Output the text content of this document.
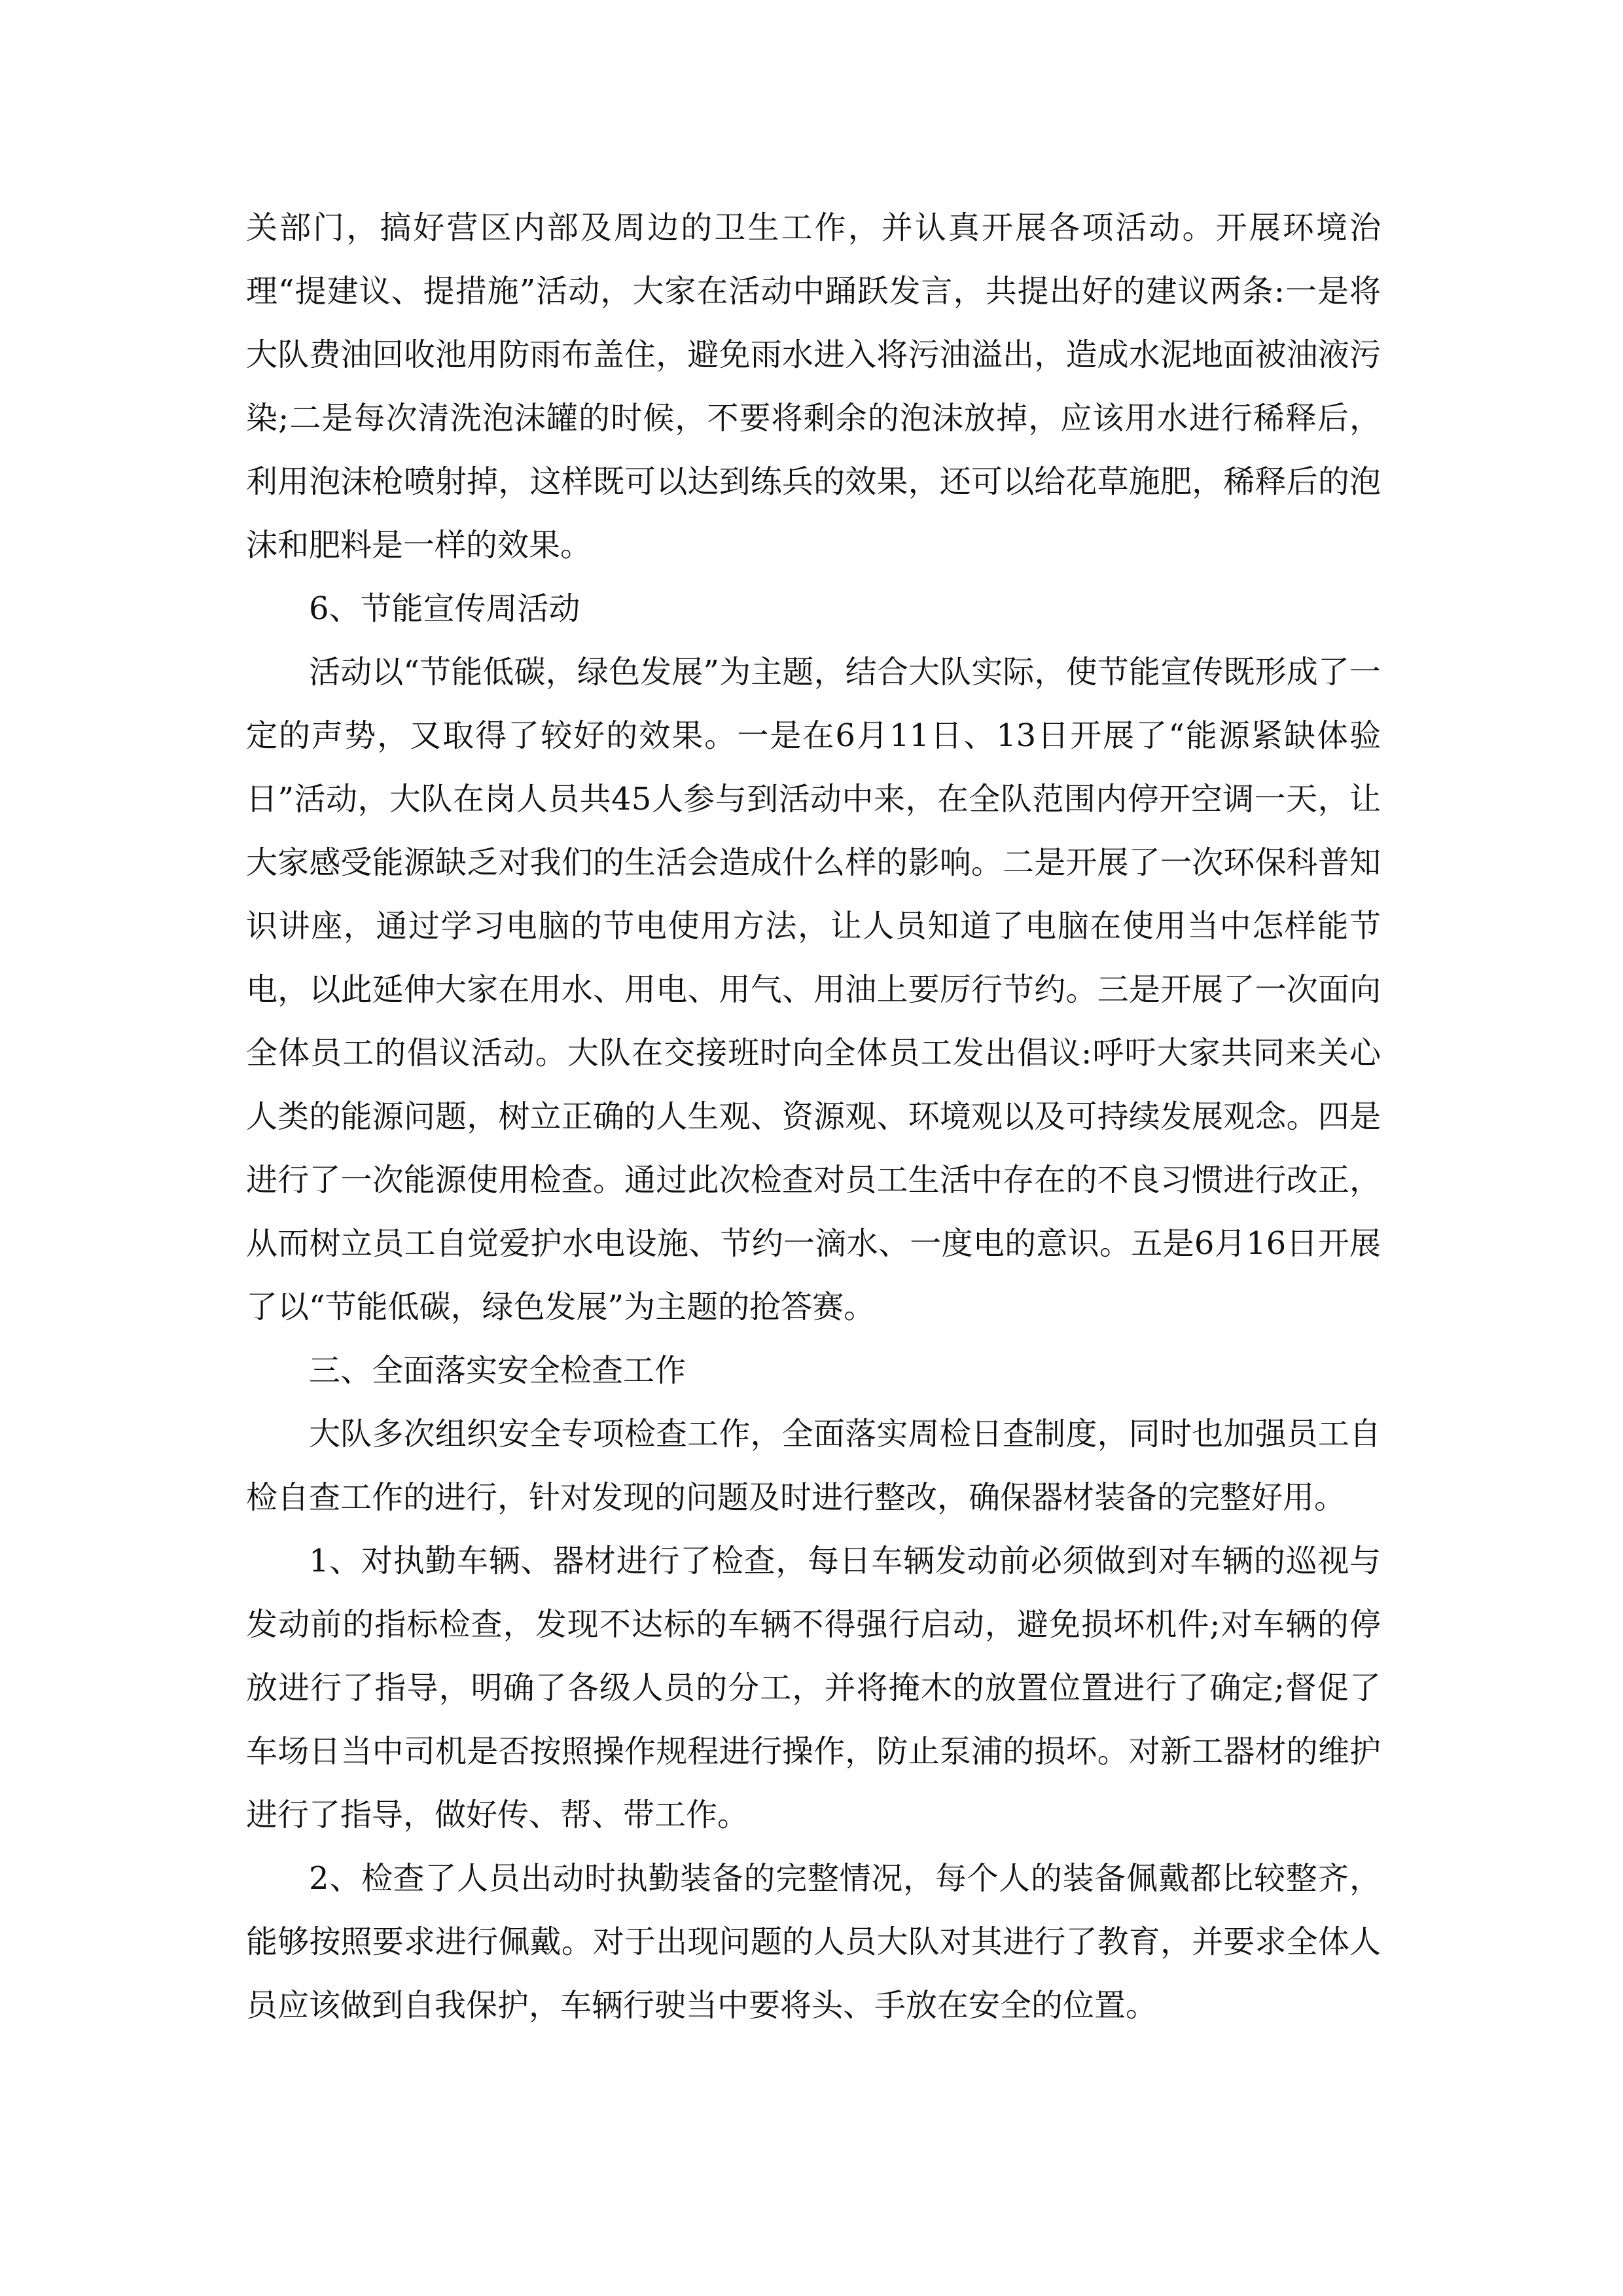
关部门，搞好营区内部及周边的卫生工作，并认真开展各项活动。开展环境治理“提建议、提措施”活动，大家在活动中踊跃发言，共提出好的建议两条:一是将大队费油回收池用防雨布盖住，避免雨水进入将污油溢出，造成水泥地面被油液污染;二是每次清洗泡沫罐的时候，不要将剩余的泡沫放掉，应该用水进行稀释后，利用泡沫枪喷射掉，这样既可以达到练兵的效果，还可以给花草施肥，稀释后的泡沫和肥料是一样的效果。

6、节能宣传周活动

活动以“节能低碳，绿色发展”为主题，结合大队实际，使节能宣传既形成了一定的声势，又取得了较好的效果。一是在6月11日、13日开展了“能源紧缺体验日”活动，大队在岗人员共45人参与到活动中来，在全队范围内停开空调一天，让大家感受能源缺乏对我们的生活会造成什么样的影响。二是开展了一次环保科普知识讲座，通过学习电脑的节电使用方法，让人员知道了电脑在使用当中怎样能节电，以此延伸大家在用水、用电、用气、用油上要厉行节约。三是开展了一次面向全体员工的倡议活动。大队在交接班时向全体员工发出倡议:呼吁大家共同来关心人类的能源问题，树立正确的人生观、资源观、环境观以及可持续发展观念。四是进行了一次能源使用检查。通过此次检查对员工生活中存在的不良习惯进行改正，从而树立员工自觉爱护水电设施、节约一滴水、一度电的意识。五是6月16日开展了以“节能低碳，绿色发展”为主题的抢答赛。

三、全面落实安全检查工作

大队多次组织安全专项检查工作，全面落实周检日查制度，同时也加强员工自检自查工作的进行，针对发现的问题及时进行整改，确保器材装备的完整好用。

1、对执勤车辆、器材进行了检查，每日车辆发动前必须做到对车辆的巡视与发动前的指标检查，发现不达标的车辆不得强行启动，避免损坏机件;对车辆的停放进行了指导，明确了各级人员的分工，并将掩木的放置位置进行了确定;督促了车场日当中司机是否按照操作规程进行操作，防止泵浦的损坏。对新工器材的维护进行了指导，做好传、帮、带工作。

2、检查了人员出动时执勤装备的完整情况，每个人的装备佩戴都比较整齐，能够按照要求进行佩戴。对于出现问题的人员大队对其进行了教育，并要求全体人员应该做到自我保护，车辆行驶当中要将头、手放在安全的位置。
